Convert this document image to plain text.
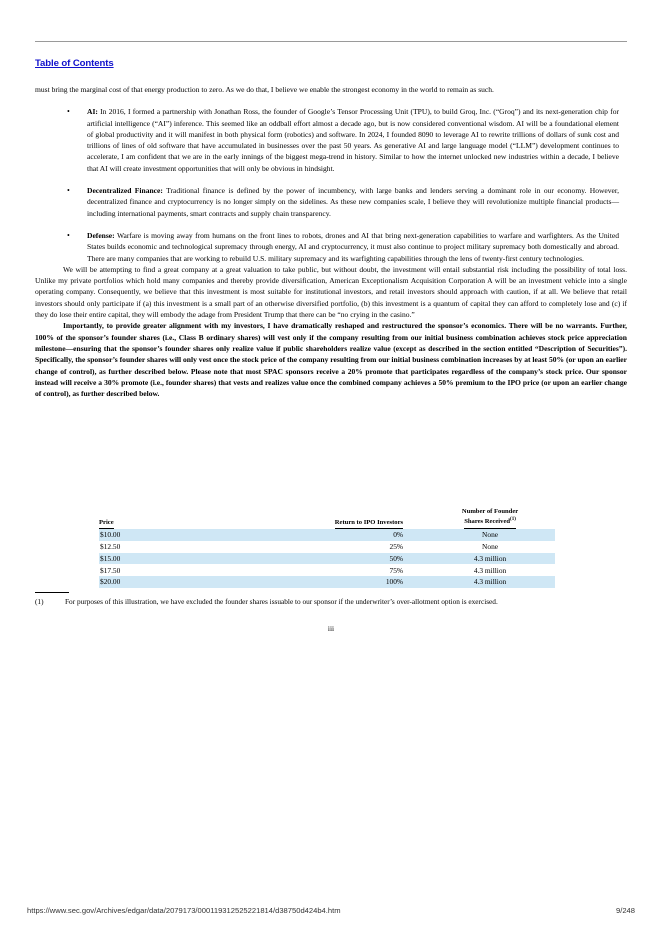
Table of Contents

must bring the marginal cost of that energy production to zero. As we do that, I believe we enable the strongest economy in the world to remain as such.

• AI: In 2016, I formed a partnership with Jonathan Ross, the founder of Google’s Tensor Processing Unit (TPU), to build Groq, Inc. (“Groq”) and its next-generation chip for artificial intelligence (“AI”) inference. This seemed like an oddball effort almost a decade ago, but is now considered conventional wisdom. AI will be a foundational element of global productivity and it will manifest in both physical form (robotics) and software. In 2024, I founded 8090 to leverage AI to rewrite trillions of dollars of sunk cost and trillions of lines of old software that have accumulated in businesses over the past 50 years. As generative AI and large language model (“LLM”) development continues to accelerate, I am confident that we are in the early innings of the biggest mega-trend in history. Similar to how the internet unlocked new industries within a decade, I believe that AI will create investment opportunities that will only be obvious in hindsight.
• Decentralized Finance: Traditional finance is defined by the power of incumbency, with large banks and lenders serving a dominant role in our economy. However, decentralized finance and cryptocurrency is no longer simply on the sidelines. As these new companies scale, I believe they will revolutionize multiple financial products—including international payments, smart contracts and supply chain transparency.
• Defense: Warfare is moving away from humans on the front lines to robots, drones and AI that bring next-generation capabilities to warfare and warfighters. As the United States builds economic and technological supremacy through energy, AI and cryptocurrency, it must also continue to project military supremacy both domestically and abroad. There are many companies that are working to rebuild U.S. military supremacy and its warfighting capabilities through the lens of twenty-first century technologies.

We will be attempting to find a great company at a great valuation to take public, but without doubt, the investment will entail substantial risk including the possibility of total loss. Unlike my private portfolios which hold many companies and thereby provide diversification, American Exceptionalism Acquisition Corporation A will be an investment vehicle into a single operating company. Consequently, we believe that this investment is most suitable for institutional investors, and retail investors should approach with caution, if at all. We believe that retail investors should only participate if (a) this investment is a small part of an otherwise diversified portfolio, (b) this investment is a quantum of capital they can afford to completely lose and (c) if they do lose their entire capital, they will embody the adage from President Trump that there can be “no crying in the casino.”

Importantly, to provide greater alignment with my investors, I have dramatically reshaped and restructured the sponsor’s economics. There will be no warrants. Further, 100% of the sponsor’s founder shares (i.e., Class B ordinary shares) will vest only if the company resulting from our initial business combination achieves stock price appreciation milestone—ensuring that the sponsor’s founder shares only realize value if public shareholders realize value (except as described in the section entitled “Description of Securities”). Specifically, the sponsor’s founder shares will only vest once the stock price of the company resulting from our initial business combination increases by at least 50% (or upon an earlier change of control), as further described below. Please note that most SPAC sponsors receive a 20% promote that participates regardless of the company’s stock price. Our sponsor instead will receive a 30% promote (i.e., founder shares) that vests and realizes value once the combined company achieves a 50% premium to the IPO price (or upon an earlier change of control), as further described below.

Price	Return to IPO Investors	Number of Founder
Shares Received$^{(1)}$
$10.00	0%	None
$12.50	25%	None
$15.00	50%	4.3 million
$17.50	75%	4.3 million
$20.00	100%	4.3 million
(1)	For purposes of this illustration, we have excluded the founder shares issuable to our sponsor if the underwriter’s over-allotment option is exercised.
iii
https://www.sec.gov/Archives/edgar/data/2079173/000119312525221814/d38750d424b4.htm	9/248
